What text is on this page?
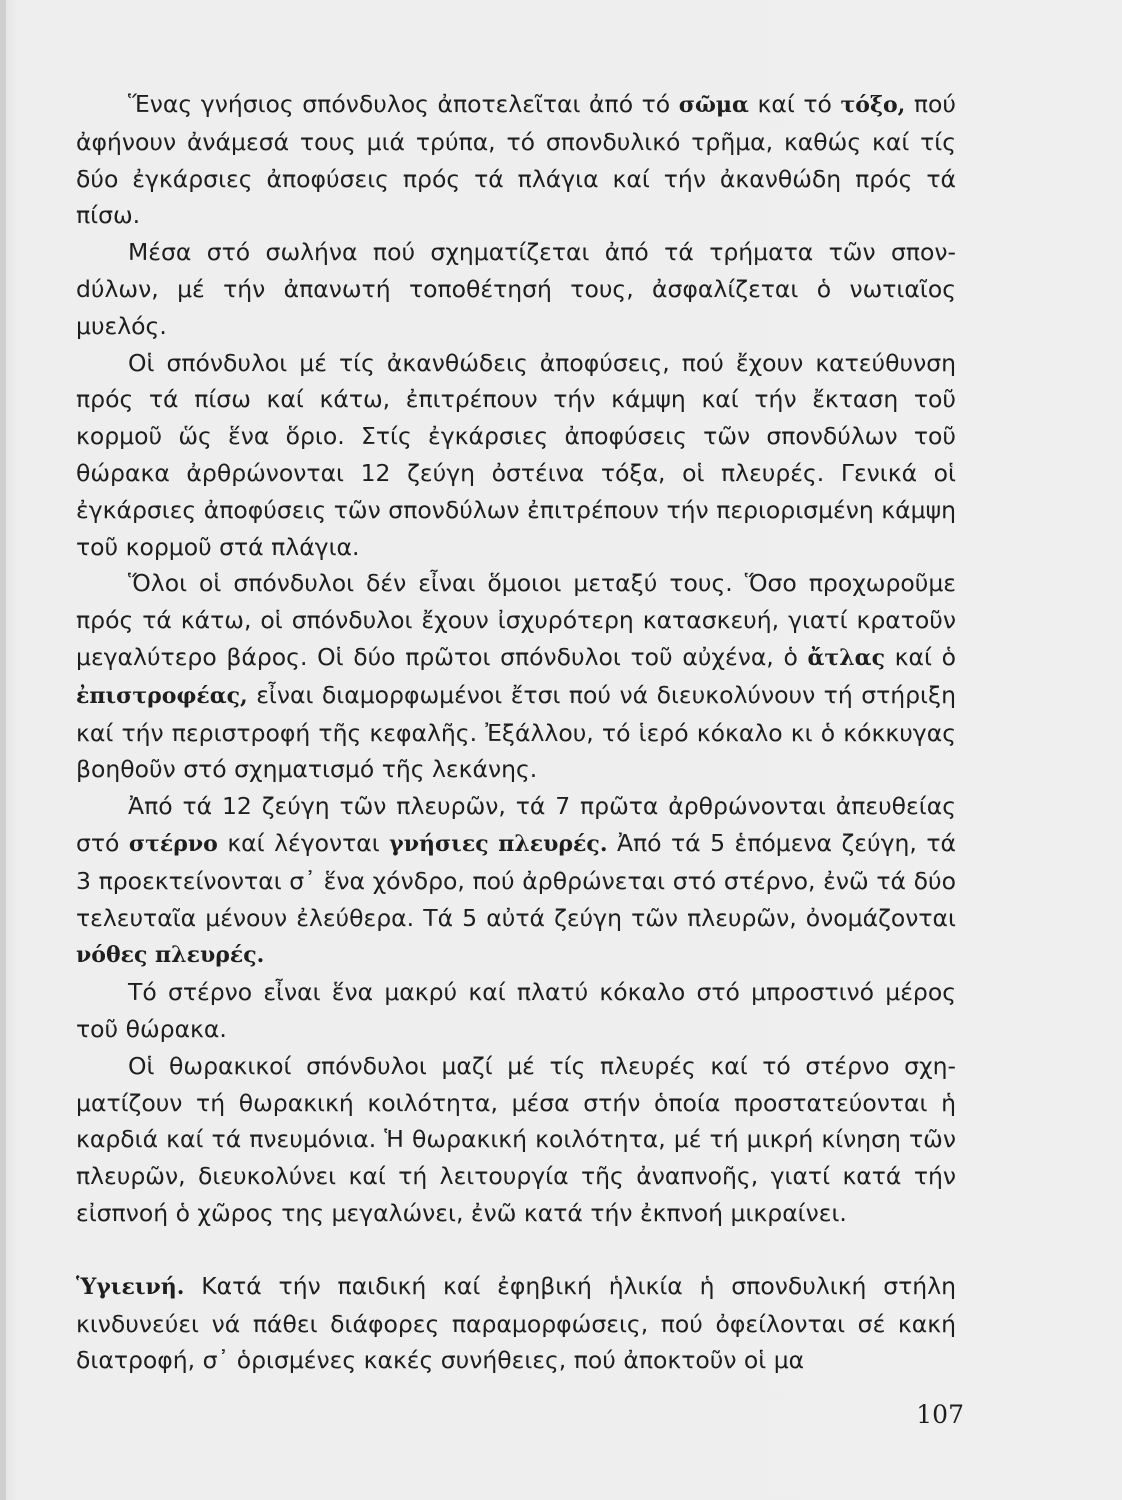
Ἕνας γνήσιος σπόνδυλος ἀποτελεῖται ἀπό τό σῶμα καί τό τόξο, πού ἀφήνουν ἀνάμεσά τους μιά τρύπα, τό σπονδυλικό τρῆμα, καθώς καί τίς δύο ἐγκάρσιες ἀποφύσεις πρός τά πλάγια καί τήν ἀκανθώδη πρός τά πίσω.

Μέσα στό σωλήνα πού σχηματίζεται ἀπό τά τρήματα τῶν σπονdύλων, μέ τήν ἀπανωτή τοποθέτησή τους, ἀσφαλίζεται ὁ νωτιαῖος μυελός.

Οἱ σπόνδυλοι μέ τίς ἀκανθώδεις ἀποφύσεις, πού ἔχουν κατεύθυνση πρός τά πίσω καί κάτω, ἐπιτρέπουν τήν κάμψη καί τήν ἔκταση τοῦ κορμοῦ ὥς ἕνα ὅριο. Στίς ἐγκάρσιες ἀποφύσεις τῶν σπονδύλων τοῦ θώρακα ἀρθρώνονται 12 ζεύγη ὀστέινα τόξα, οἱ πλευρές. Γενικά οἱ ἐγκάρσιες ἀποφύσεις τῶν σπονδύλων ἐπιτρέπουν τήν περιορισμένη κάμψη τοῦ κορμοῦ στά πλάγια.

Ὅλοι οἱ σπόνδυλοι δέν εἶναι ὅμοιοι μεταξύ τους. Ὅσο προχωροῦμε πρός τά κάτω, οἱ σπόνδυλοι ἔχουν ἰσχυρότερη κατασκευή, γιατί κρατοῦν μεγαλύτερο βάρος. Οἱ δύο πρῶτοι σπόνδυλοι τοῦ αὐχένα, ὁ ἄτλας καί ὁ ἐπιστροφέας, εἶναι διαμορφωμένοι ἔτσι πού νά διευκολύνουν τή στήριξη καί τήν περιστροφή τῆς κεφαλῆς. Ἐξάλλου, τό ἱερό κόκαλο κι ὁ κόκκυγας βοηθοῦν στό σχηματισμό τῆς λεκάνης.

Ἀπό τά 12 ζεύγη τῶν πλευρῶν, τά 7 πρῶτα ἀρθρώνονται ἀπευθείας στό στέρνο καί λέγονται γνήσιες πλευρές. Ἀπό τά 5 ἑπόμενα ζεύγη, τά 3 προεκτείνονται σ᾽ ἕνα χόνδρο, πού ἀρθρώνεται στό στέρνο, ἐνῶ τά δύο τελευταῖα μένουν ἐλεύθερα. Τά 5 αὐτά ζεύγη τῶν πλευρῶν, ὀνομάζονται νόθες πλευρές.

Τό στέρνο εἶναι ἕνα μακρύ καί πλατύ κόκαλο στό μπροστινό μέρος τοῦ θώρακα.

Οἱ θωρακικοί σπόνδυλοι μαζί μέ τίς πλευρές καί τό στέρνο σχηματίζουν τή θωρακική κοιλότητα, μέσα στήν ὁποία προστατεύονται ἡ καρδιά καί τά πνευμόνια. Ἡ θωρακική κοιλότητα, μέ τή μικρή κίνηση τῶν πλευρῶν, διευκολύνει καί τή λειτουργία τῆς ἀναπνοῆς, γιατί κατά τήν εἰσπνοή ὁ χῶρος της μεγαλώνει, ἐνῶ κατά τήν ἐκπνοή μικραίνει.

Ὑγιεινή. Κατά τήν παιδική καί ἐφηβική ἡλικία ἡ σπονδυλική στήλη κινδυνεύει νά πάθει διάφορες παραμορφώσεις, πού ὀφείλονται σέ κακή διατροφή, σ᾽ ὁρισμένες κακές συνήθειες, πού ἀποκτοῦν οἱ μα

107
